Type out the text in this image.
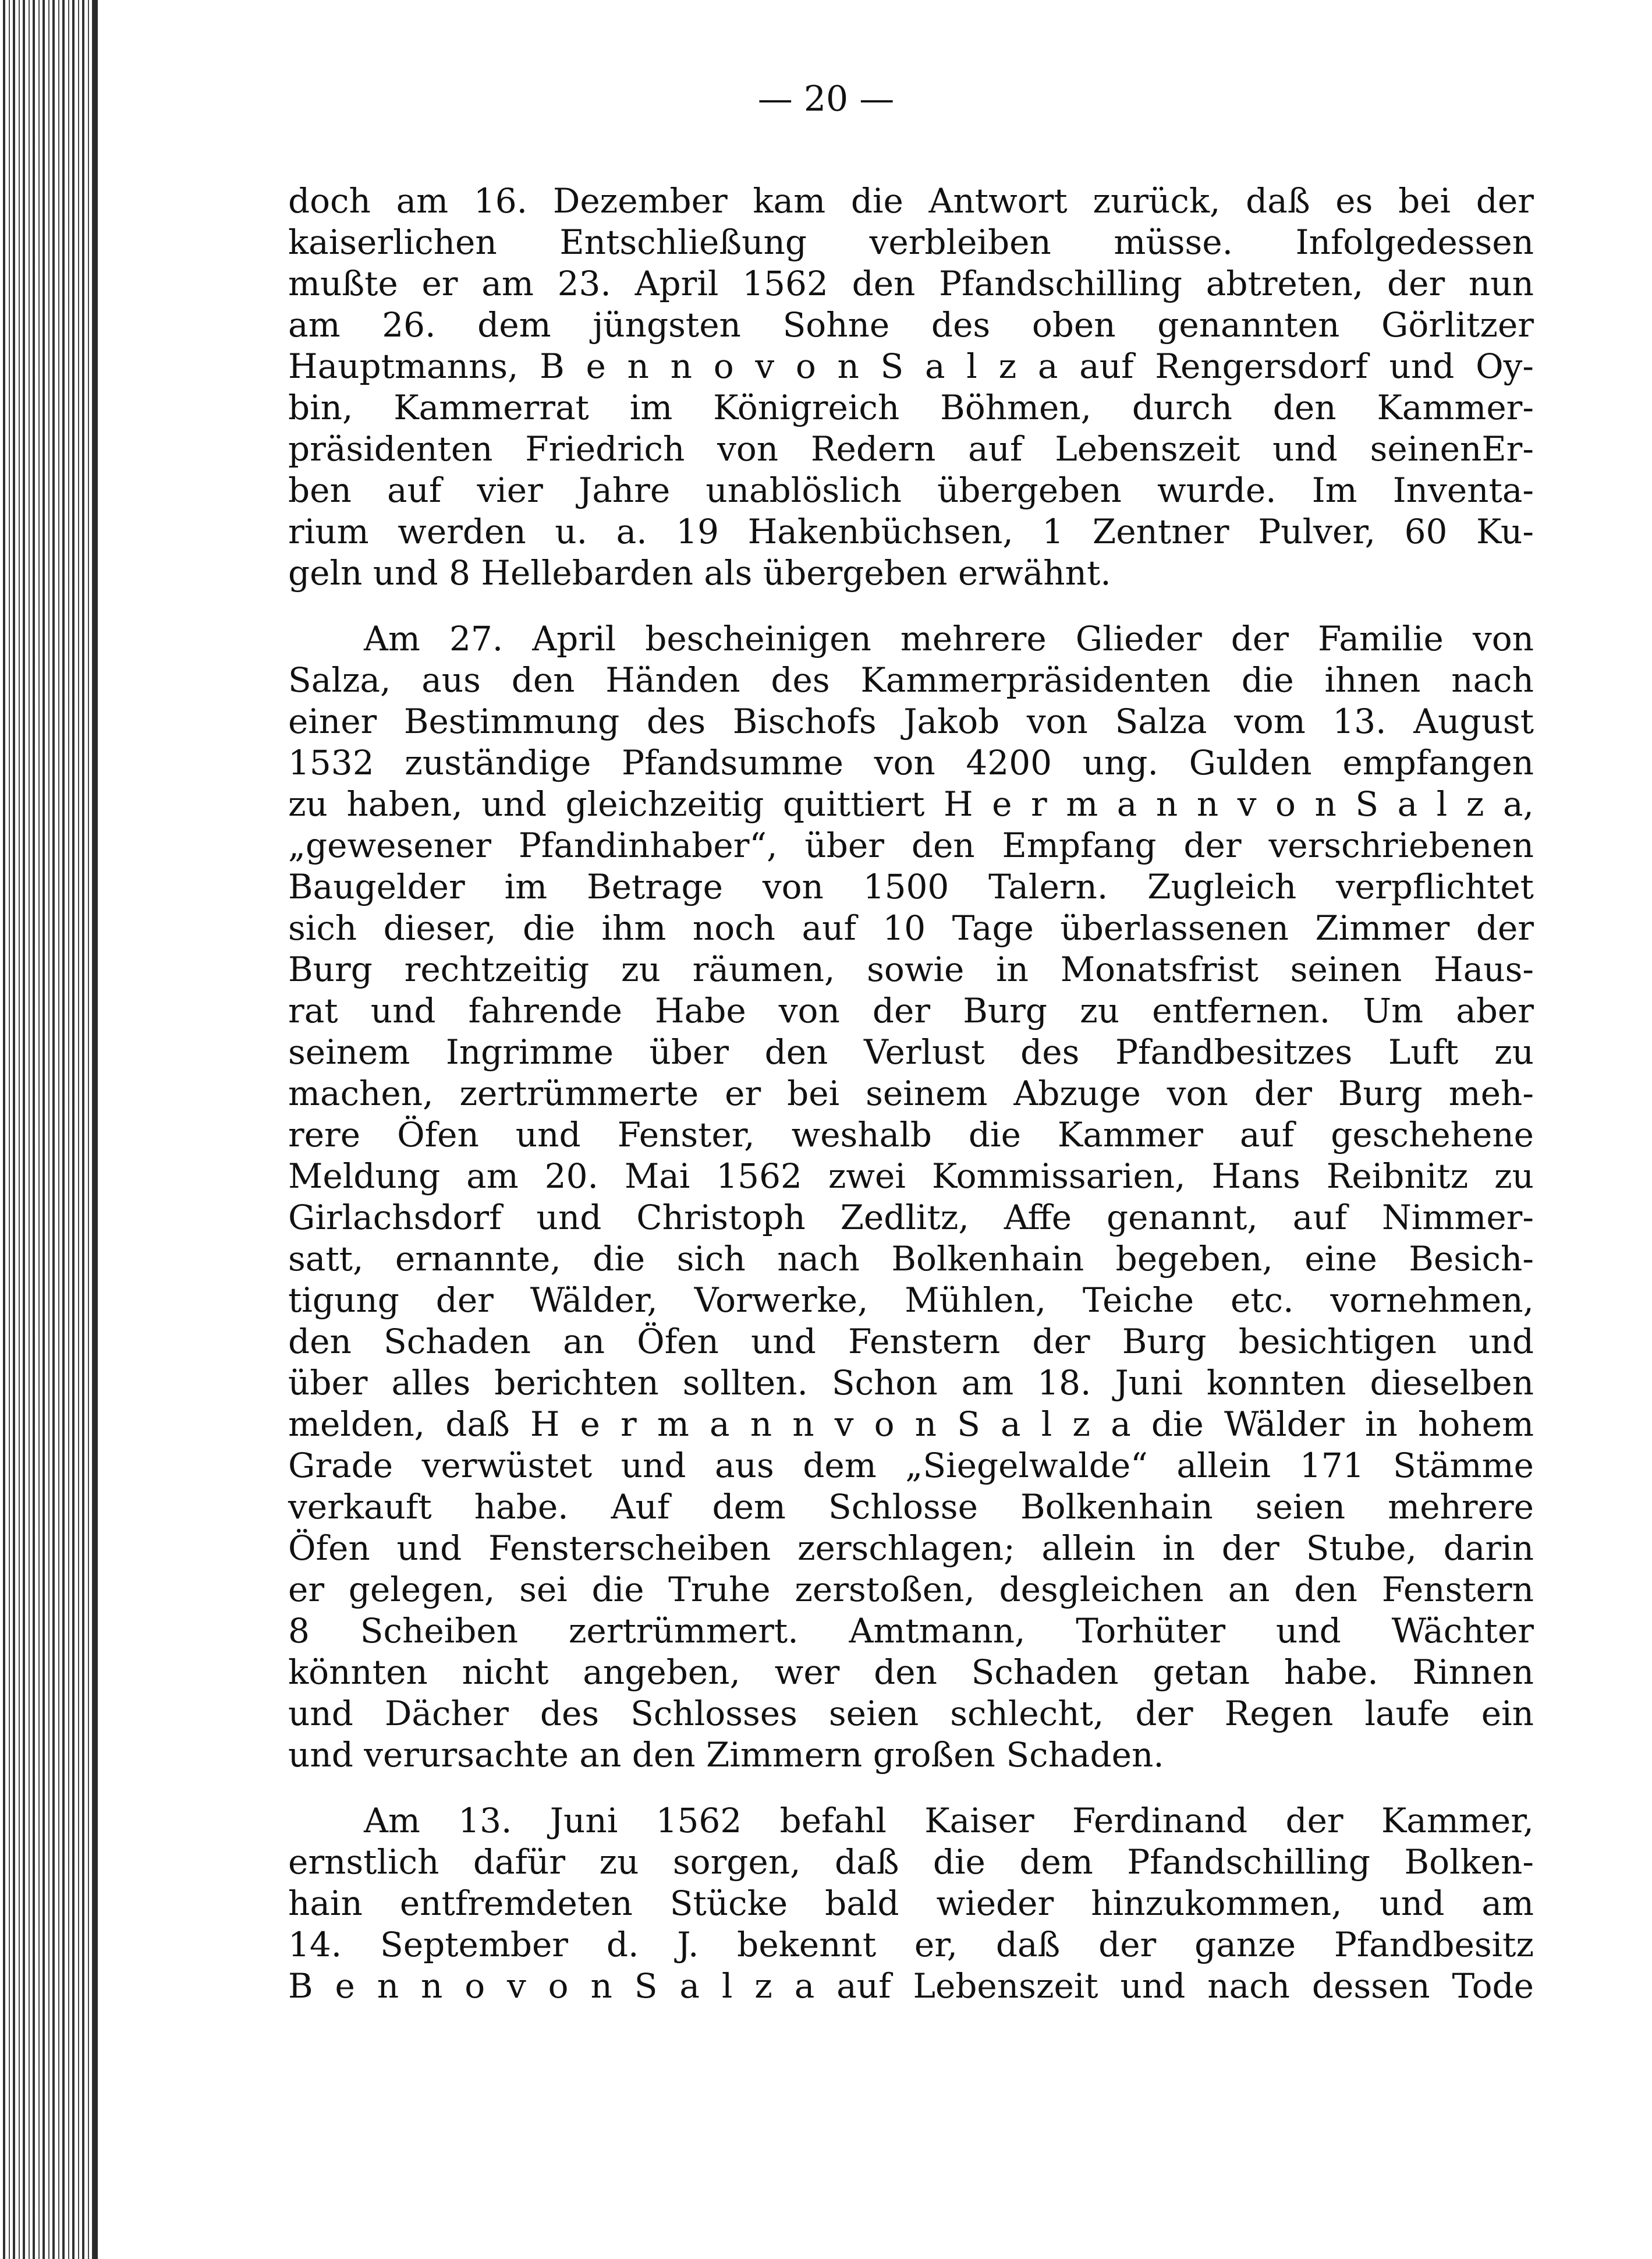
— 20 —
doch am 16. Dezember kam die Antwort zurück, daß es bei der
kaiserlichen Entschließung verbleiben müsse. Infolgedessen
mußte er am 23. April 1562 den Pfandschilling abtreten, der nun
am 26. dem jüngsten Sohne des oben genannten Görlitzer
Hauptmanns, B e n n o v o n S a l z a auf Rengersdorf und Oy-
bin, Kammerrat im Königreich Böhmen, durch den Kammer-
präsidenten Friedrich von Redern auf Lebenszeit und seinenEr-
ben auf vier Jahre unablöslich übergeben wurde. Im Inventa-
rium werden u. a. 19 Hakenbüchsen, 1 Zentner Pulver, 60 Ku-
geln und 8 Hellebarden als übergeben erwähnt.
Am 27. April bescheinigen mehrere Glieder der Familie von
Salza, aus den Händen des Kammerpräsidenten die ihnen nach
einer Bestimmung des Bischofs Jakob von Salza vom 13. August
1532 zuständige Pfandsumme von 4200 ung. Gulden empfangen
zu haben, und gleichzeitig quittiert H e r m a n n v o n S a l z a,
„gewesener Pfandinhaber“, über den Empfang der verschriebenen
Baugelder im Betrage von 1500 Talern. Zugleich verpflichtet
sich dieser, die ihm noch auf 10 Tage überlassenen Zimmer der
Burg rechtzeitig zu räumen, sowie in Monatsfrist seinen Haus-
rat und fahrende Habe von der Burg zu entfernen. Um aber
seinem Ingrimme über den Verlust des Pfandbesitzes Luft zu
machen, zertrümmerte er bei seinem Abzuge von der Burg meh-
rere Öfen und Fenster, weshalb die Kammer auf geschehene
Meldung am 20. Mai 1562 zwei Kommissarien, Hans Reibnitz zu
Girlachsdorf und Christoph Zedlitz, Affe genannt, auf Nimmer-
satt, ernannte, die sich nach Bolkenhain begeben, eine Besich-
tigung der Wälder, Vorwerke, Mühlen, Teiche etc. vornehmen,
den Schaden an Öfen und Fenstern der Burg besichtigen und
über alles berichten sollten. Schon am 18. Juni konnten dieselben
melden, daß H e r m a n n v o n S a l z a die Wälder in hohem
Grade verwüstet und aus dem „Siegelwalde“ allein 171 Stämme
verkauft habe. Auf dem Schlosse Bolkenhain seien mehrere
Öfen und Fensterscheiben zerschlagen; allein in der Stube, darin
er gelegen, sei die Truhe zerstoßen, desgleichen an den Fenstern
8 Scheiben zertrümmert. Amtmann, Torhüter und Wächter
könnten nicht angeben, wer den Schaden getan habe. Rinnen
und Dächer des Schlosses seien schlecht, der Regen laufe ein
und verursachte an den Zimmern großen Schaden.
Am 13. Juni 1562 befahl Kaiser Ferdinand der Kammer,
ernstlich dafür zu sorgen, daß die dem Pfandschilling Bolken-
hain entfremdeten Stücke bald wieder hinzukommen, und am
14. September d. J. bekennt er, daß der ganze Pfandbesitz
B e n n o v o n S a l z a auf Lebenszeit und nach dessen Tode
